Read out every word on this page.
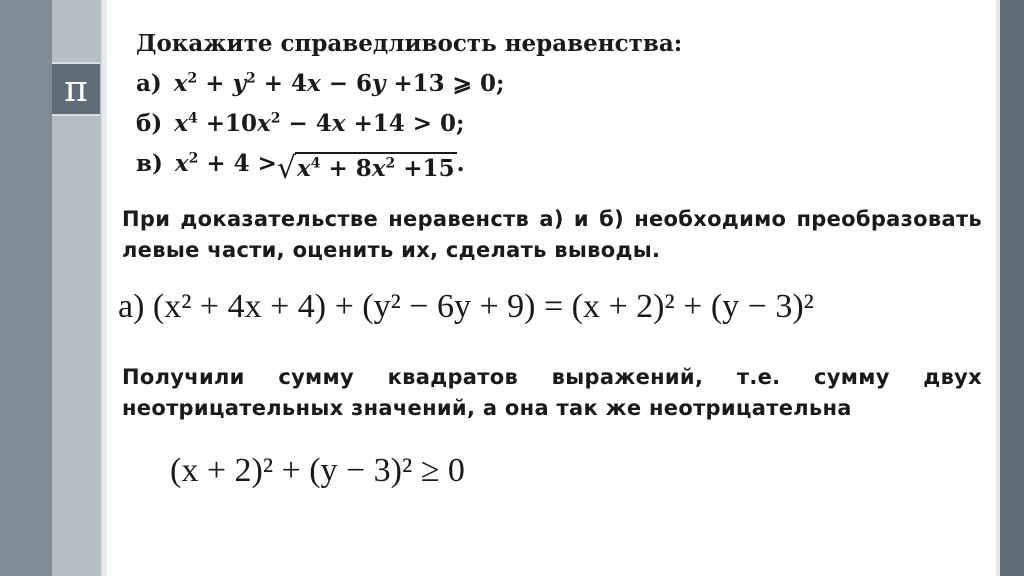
π
Докажите справедливость неравенства:
а) $x^2 + y^2 + 4x - 6y +13$ ⩾ 0;
б) $x^4 +10x^2 - 4x +14 > 0$;
в) $x^2 + 4$ > √ $x^4 + 8x^2 +15$ .
При доказательстве неравенств а) и б) необходимо преобразовать левые части, оценить их, сделать выводы.
а) (x² + 4x + 4) + (y² − 6y + 9) = (x + 2)² + (y − 3)²
Получили сумму квадратов выражений, т.е. сумму двух неотрицательных значений, а она так же неотрицательна
(x + 2)² + (y − 3)² ≥ 0
